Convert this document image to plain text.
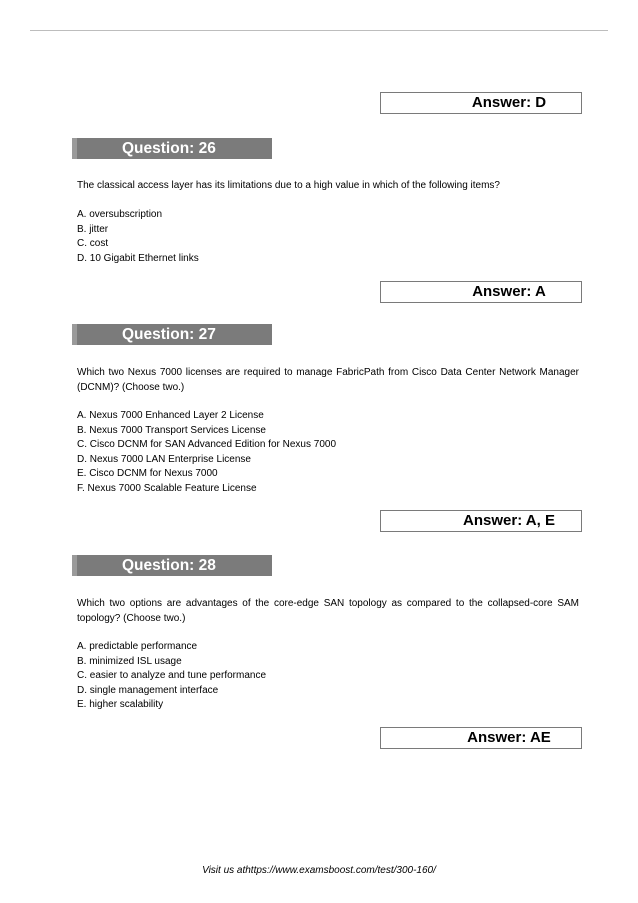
Answer: D
Question: 26
The classical access layer has its limitations due to a high value in which of the following items?
A. oversubscription
B. jitter
C. cost
D. 10 Gigabit Ethernet links
Answer: A
Question: 27
Which two Nexus 7000 licenses are required to manage FabricPath from Cisco Data Center Network Manager (DCNM)? (Choose two.)
A. Nexus 7000 Enhanced Layer 2 License
B. Nexus 7000 Transport Services License
C. Cisco DCNM for SAN Advanced Edition for Nexus 7000
D. Nexus 7000 LAN Enterprise License
E. Cisco DCNM for Nexus 7000
F. Nexus 7000 Scalable Feature License
Answer: A, E
Question: 28
Which two options are advantages of the core-edge SAN topology as compared to the collapsed-core SAM topology? (Choose two.)
A. predictable performance
B. minimized ISL usage
C. easier to analyze and tune performance
D. single management interface
E. higher scalability
Answer: AE
Visit us athttps://www.examsboost.com/test/300-160/
